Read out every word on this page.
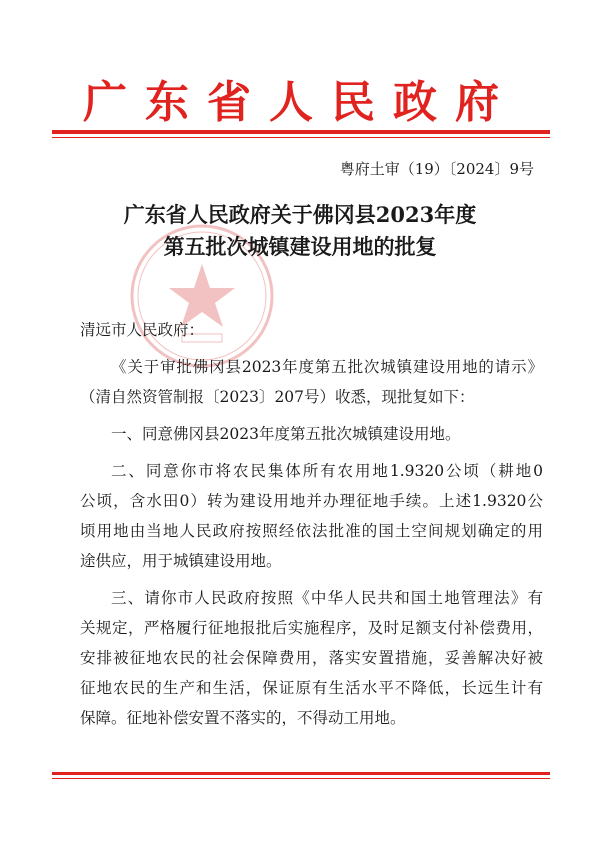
广东省人民政府
粤府土审（19）〔2024〕9号
广东省人民政府关于佛冈县2023年度
第五批次城镇建设用地的批复
清远市人民政府：
《关于审批佛冈县2023年度第五批次城镇建设用地的请示》
（清自然资管制报〔2023〕207号）收悉，现批复如下：
一、同意佛冈县2023年度第五批次城镇建设用地。
二、同意你市将农民集体所有农用地1.9320公顷（耕地0
公顷，含水田0）转为建设用地并办理征地手续。上述1.9320公
顷用地由当地人民政府按照经依法批准的国土空间规划确定的用
途供应，用于城镇建设用地。
三、请你市人民政府按照《中华人民共和国土地管理法》有
关规定，严格履行征地报批后实施程序，及时足额支付补偿费用，
安排被征地农民的社会保障费用，落实安置措施，妥善解决好被
征地农民的生产和生活，保证原有生活水平不降低，长远生计有
保障。征地补偿安置不落实的，不得动工用地。
